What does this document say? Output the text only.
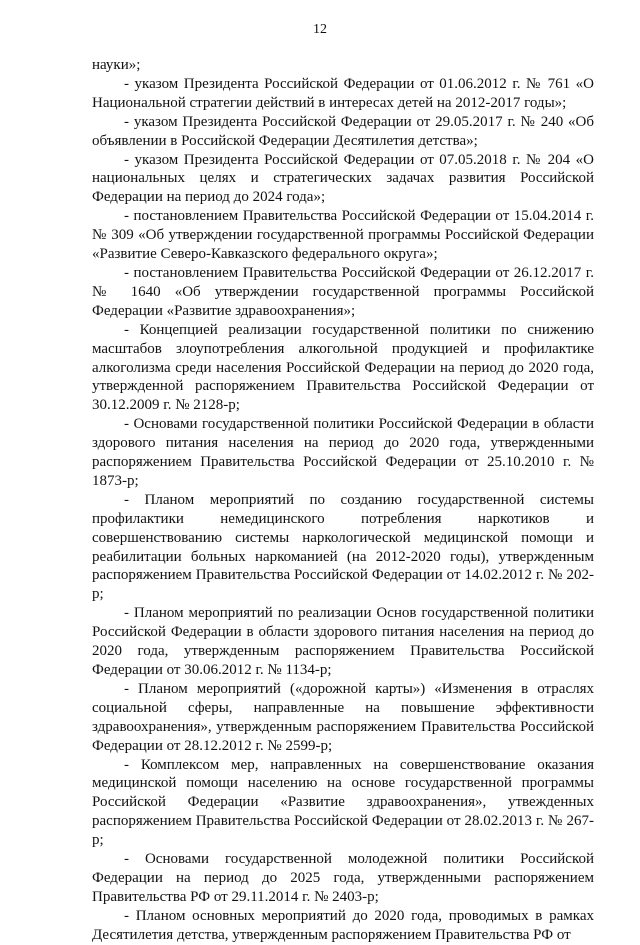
12

науки»;

- указом Президента Российской Федерации от 01.06.2012 г. № 761 «О Национальной стратегии действий в интересах детей на 2012-2017 годы»;

- указом Президента Российской Федерации от 29.05.2017 г. № 240 «Об объявлении в Российской Федерации Десятилетия детства»;

- указом Президента Российской Федерации от 07.05.2018 г. № 204 «О национальных целях и стратегических задачах развития Российской Федерации на период до 2024 года»;

- постановлением Правительства Российской Федерации от 15.04.2014 г. № 309 «Об утверждении государственной программы Российской Федерации «Развитие Северо-Кавказского федерального округа»;

- постановлением Правительства Российской Федерации от 26.12.2017 г. № 1640 «Об утверждении государственной программы Российской Федерации «Развитие здравоохранения»;

- Концепцией реализации государственной политики по снижению масштабов злоупотребления алкогольной продукцией и профилактике алкоголизма среди населения Российской Федерации на период до 2020 года, утвержденной распоряжением Правительства Российской Федерации от 30.12.2009 г. № 2128-р;

- Основами государственной политики Российской Федерации в области здорового питания населения на период до 2020 года, утвержденными распоряжением Правительства Российской Федерации от 25.10.2010 г. № 1873-р;

- Планом мероприятий по созданию государственной системы профилактики немедицинского потребления наркотиков и совершенствованию системы наркологической медицинской помощи и реабилитации больных наркоманией (на 2012-2020 годы), утвержденным распоряжением Правительства Российской Федерации от 14.02.2012 г. № 202-р;

- Планом мероприятий по реализации Основ государственной политики Российской Федерации в области здорового питания населения на период до 2020 года, утвержденным распоряжением Правительства Российской Федерации от 30.06.2012 г. № 1134-р;

- Планом мероприятий («дорожной карты») «Изменения в отраслях социальной сферы, направленные на повышение эффективности здравоохранения», утвержденным распоряжением Правительства Российской Федерации от 28.12.2012 г. № 2599-р;

- Комплексом мер, направленных на совершенствование оказания медицинской помощи населению на основе государственной программы Российской Федерации «Развитие здравоохранения», утвежденных распоряжением Правительства Российской Федерации от 28.02.2013 г. № 267-р;

- Основами государственной молодежной политики Российской Федерации на период до 2025 года, утвержденными распоряжением Правительства РФ от 29.11.2014 г. № 2403-р;

- Планом основных мероприятий до 2020 года, проводимых в рамках Десятилетия детства, утвержденным распоряжением Правительства РФ от
